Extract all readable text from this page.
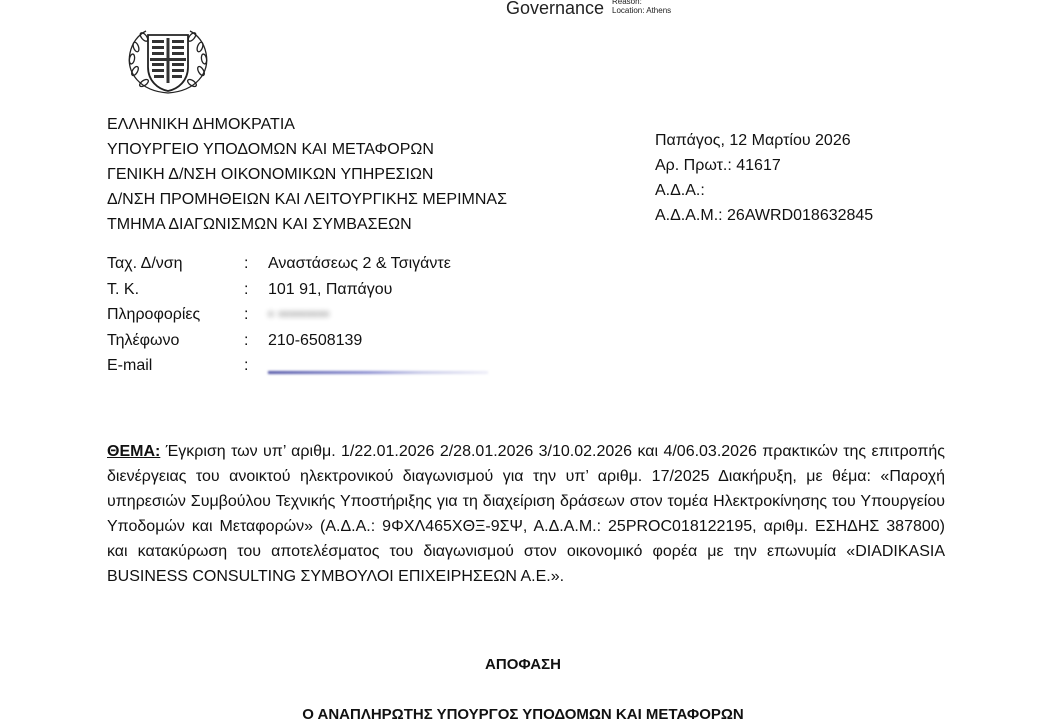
Governance Reason:
Location: Athens
ΕΛΛΗΝΙΚΗ ΔΗΜΟΚΡΑΤΙΑ
ΥΠΟΥΡΓΕΙΟ ΥΠΟΔΟΜΩΝ ΚΑΙ ΜΕΤΑΦΟΡΩΝ
ΓΕΝΙΚΗ Δ/ΝΣΗ ΟΙΚΟΝΟΜΙΚΩΝ ΥΠΗΡΕΣΙΩΝ
Δ/ΝΣΗ ΠΡΟΜΗΘΕΙΩΝ ΚΑΙ ΛΕΙΤΟΥΡΓΙΚΗΣ ΜΕΡΙΜΝΑΣ
ΤΜΗΜΑ ΔΙΑΓΩΝΙΣΜΩΝ ΚΑΙ ΣΥΜΒΑΣΕΩΝ
Παπάγος, 12 Μαρτίου 2026
Αρ. Πρωτ.: 41617
Α.Δ.Α.:
Α.Δ.Α.Μ.: 26AWRD018632845
Ταχ. Δ/νση	:	Αναστάσεως 2 & Τσιγάντε
Τ. Κ.	:	101 91, Παπάγου
Πληροφορίες	:	▪ ▪▪▪▪▪▪▪▪▪
Τηλέφωνο	:	210-6508139
E-mail	:
ΘΕΜΑ: Έγκριση των υπ’ αριθμ. 1/22.01.2026 2/28.01.2026 3/10.02.2026 και 4/06.03.2026 πρακτικών της επιτροπής διενέργειας του ανοικτού ηλεκτρονικού διαγωνισμού για την υπ’ αριθμ. 17/2025 Διακήρυξη, με θέμα: «Παροχή υπηρεσιών Συμβούλου Τεχνικής Υποστήριξης για τη διαχείριση δράσεων στον τομέα Ηλεκτροκίνησης του Υπουργείου Υποδομών και Μεταφορών» (Α.Δ.Α.: 9ΦΧΛ465ΧΘΞ-9ΣΨ, Α.Δ.Α.Μ.: 25PROC018122195, αριθμ. ΕΣΗΔΗΣ 387800) και κατακύρωση του αποτελέσματος του διαγωνισμού στον οικονομικό φορέα με την επωνυμία «DIADIKASIA BUSINESS CONSULTING ΣΥΜΒΟΥΛΟΙ ΕΠΙΧΕΙΡΗΣΕΩΝ Α.Ε.».
ΑΠΟΦΑΣΗ
Ο ΑΝΑΠΛΗΡΩΤΗΣ ΥΠΟΥΡΓΟΣ ΥΠΟΔΟΜΩΝ ΚΑΙ ΜΕΤΑΦΟΡΩΝ
